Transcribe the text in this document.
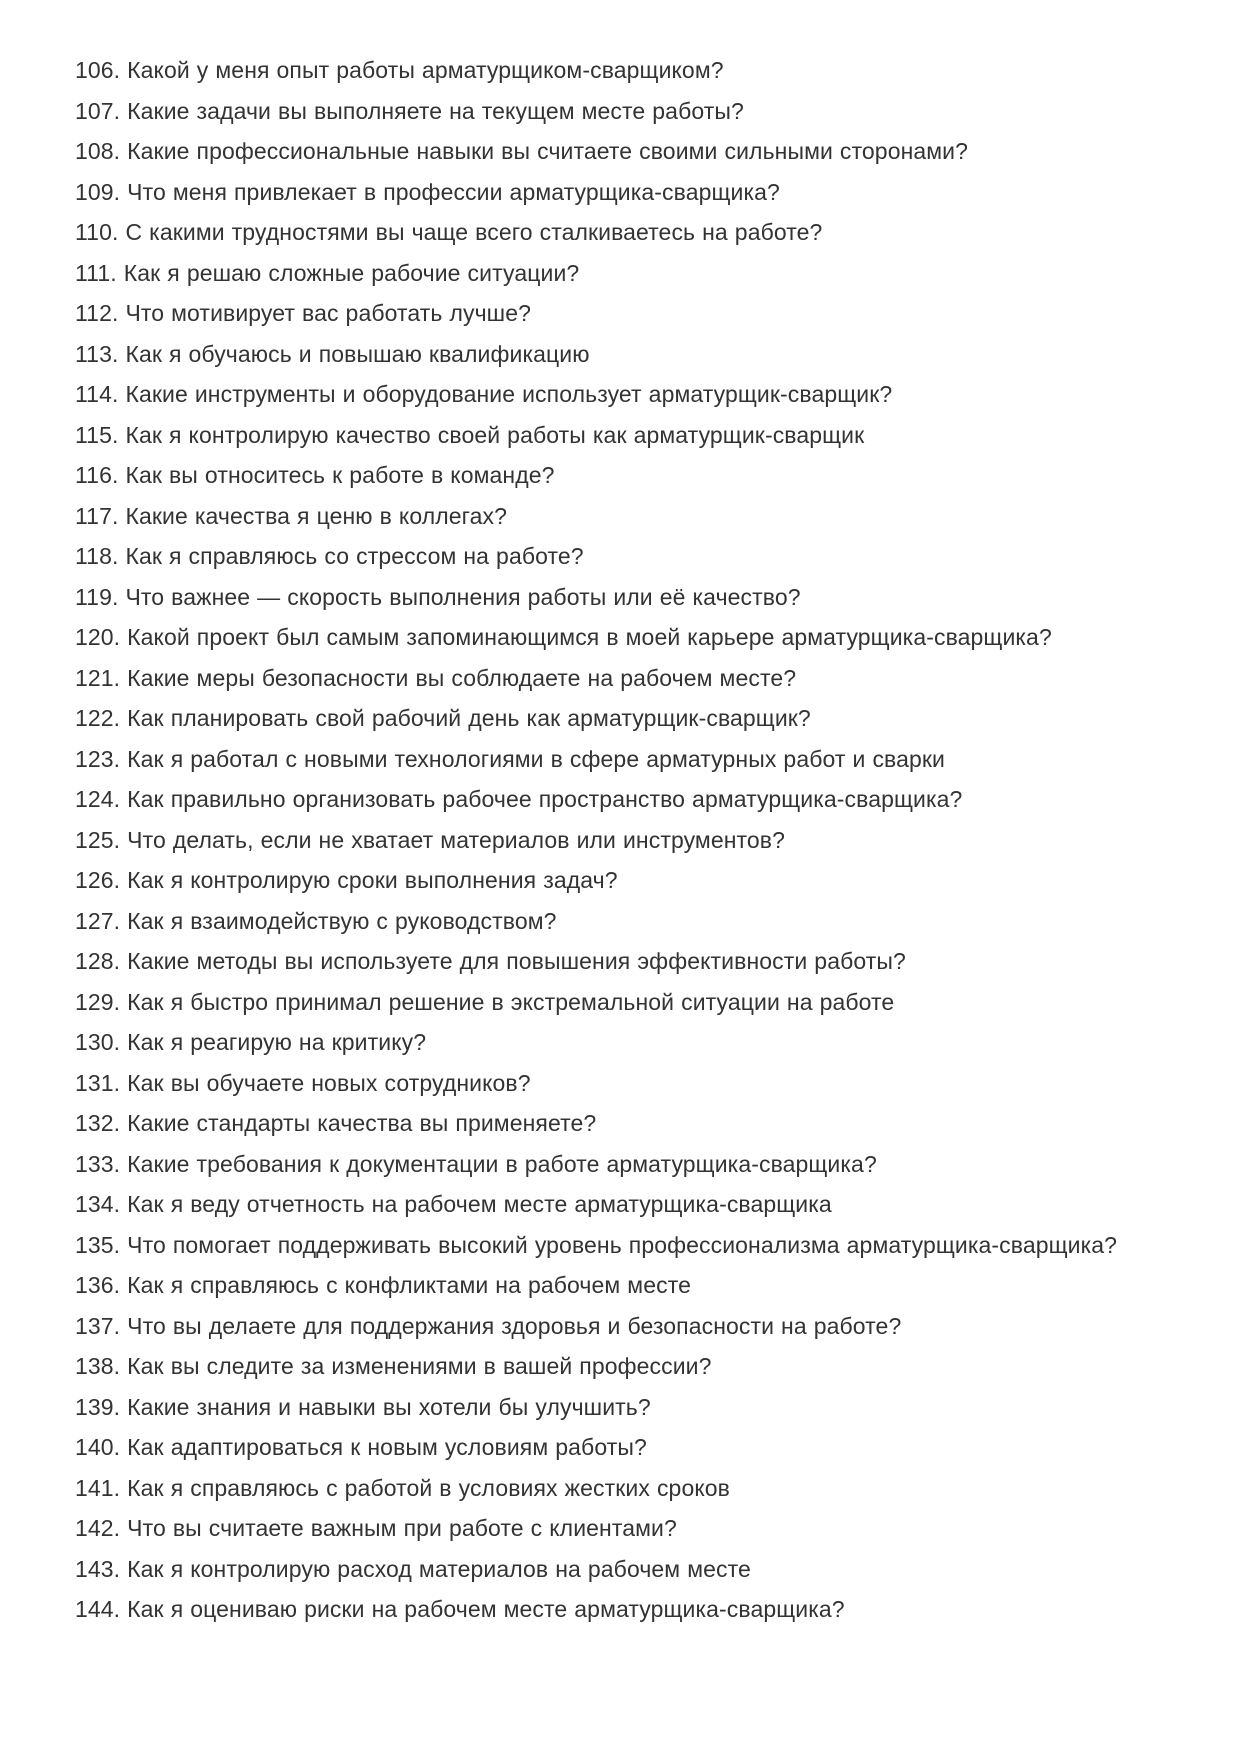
106. Какой у меня опыт работы арматурщиком-сварщиком?

107. Какие задачи вы выполняете на текущем месте работы?

108. Какие профессиональные навыки вы считаете своими сильными сторонами?

109. Что меня привлекает в профессии арматурщика-сварщика?

110. С какими трудностями вы чаще всего сталкиваетесь на работе?

111. Как я решаю сложные рабочие ситуации?

112. Что мотивирует вас работать лучше?

113. Как я обучаюсь и повышаю квалификацию

114. Какие инструменты и оборудование использует арматурщик-сварщик?

115. Как я контролирую качество своей работы как арматурщик-сварщик

116. Как вы относитесь к работе в команде?

117. Какие качества я ценю в коллегах?

118. Как я справляюсь со стрессом на работе?

119. Что важнее — скорость выполнения работы или её качество?

120. Какой проект был самым запоминающимся в моей карьере арматурщика-сварщика?

121. Какие меры безопасности вы соблюдаете на рабочем месте?

122. Как планировать свой рабочий день как арматурщик-сварщик?

123. Как я работал с новыми технологиями в сфере арматурных работ и сварки

124. Как правильно организовать рабочее пространство арматурщика-сварщика?

125. Что делать, если не хватает материалов или инструментов?

126. Как я контролирую сроки выполнения задач?

127. Как я взаимодействую с руководством?

128. Какие методы вы используете для повышения эффективности работы?

129. Как я быстро принимал решение в экстремальной ситуации на работе

130. Как я реагирую на критику?

131. Как вы обучаете новых сотрудников?

132. Какие стандарты качества вы применяете?

133. Какие требования к документации в работе арматурщика-сварщика?

134. Как я веду отчетность на рабочем месте арматурщика-сварщика

135. Что помогает поддерживать высокий уровень профессионализма арматурщика-сварщика?

136. Как я справляюсь с конфликтами на рабочем месте

137. Что вы делаете для поддержания здоровья и безопасности на работе?

138. Как вы следите за изменениями в вашей профессии?

139. Какие знания и навыки вы хотели бы улучшить?

140. Как адаптироваться к новым условиям работы?

141. Как я справляюсь с работой в условиях жестких сроков

142. Что вы считаете важным при работе с клиентами?

143. Как я контролирую расход материалов на рабочем месте

144. Как я оцениваю риски на рабочем месте арматурщика-сварщика?
